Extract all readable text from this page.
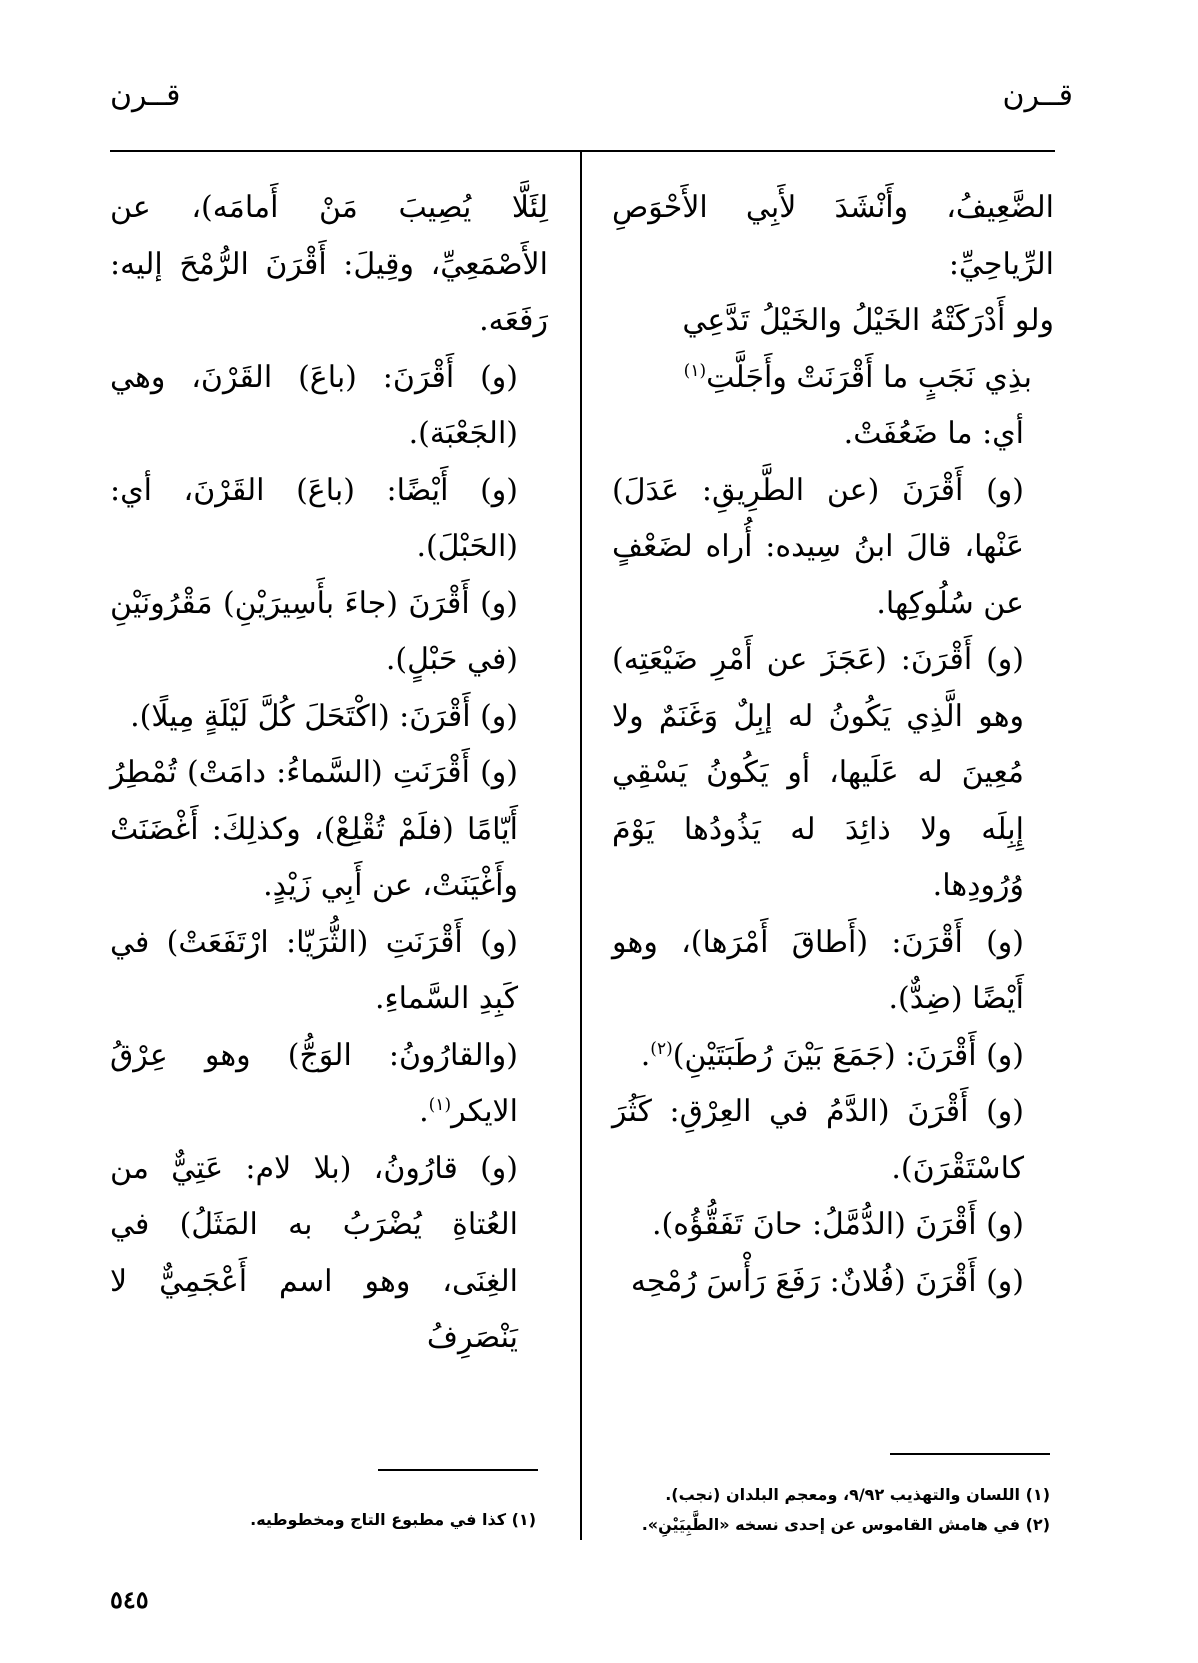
قــرن
قــرن

الضَّعِيفُ، وأَنْشَدَ لأَبِي الأَحْوَصِ الرِّياحِيِّ:

ولو أَدْرَكَتْهُ الخَيْلُ والخَيْلُ تَدَّعِي

بذِي نَجَبٍ ما أَقْرَنَتْ وأَجَلَّتِ$^{(١)}$

أي: ما ضَعُفَتْ.

(و) أَقْرَنَ (عن الطَّرِيقِ: عَدَلَ) عَنْها، قالَ ابنُ سِيده: أُراه لضَعْفٍ عن سُلُوكِها.

(و) أَقْرَنَ: (عَجَزَ عن أَمْرِ ضَيْعَتِه) وهو الَّذِي يَكُونُ له إبِلٌ وَغَنَمٌ ولا مُعِينَ له عَلَيها، أو يَكُونُ يَسْقِي إِبِلَه ولا ذائِدَ له يَذُودُها يَوْمَ وُرُودِها.

(و) أَقْرَنَ: (أَطاقَ أَمْرَها)، وهو أَيْضًا (ضِدٌّ).

(و) أَقْرَنَ: (جَمَعَ بَيْنَ رُطَبَتَيْنِ)$^{(٢)}$.

(و) أَقْرَنَ (الدَّمُ في العِرْقِ: كَثُرَ كاسْتَقْرَنَ).

(و) أَقْرَنَ (الدُّمَّلُ: حانَ تَفَقُّؤُه).

(و) أَقْرَنَ (فُلانٌ: رَفَعَ رَأْسَ رُمْحِه

لِئَلَّا يُصِيبَ مَنْ أَمامَه)، عن الأَصْمَعِيِّ، وقِيلَ: أَقْرَنَ الرُّمْحَ إليه: رَفَعَه.

(و) أَقْرَنَ: (باعَ) القَرْنَ، وهي (الجَعْبَة).

(و) أَيْضًا: (باعَ) القَرْنَ، أي: (الحَبْلَ).

(و) أَقْرَنَ (جاءَ بأَسِيرَيْنِ) مَقْرُونَيْنِ (في حَبْلٍ).

(و) أَقْرَنَ: (اكْتَحَلَ كُلَّ لَيْلَةٍ مِيلًا).

(و) أَقْرَنَتِ (السَّماءُ: دامَتْ) تُمْطِرُ أَيّامًا (فلَمْ تُقْلِعْ)، وكذلِكَ: أَغْضَنَتْ وأَغْيَنَتْ، عن أَبِي زَيْدٍ.

(و) أَقْرَنَتِ (الثُّرَيّا: ارْتَفَعَتْ) في كَبِدِ السَّماءِ.

(والقارُونُ: الوَجُّ) وهو عِرْقُ الايكر$^{(١)}$.

(و) قارُونُ، (بلا لام: عَتِيٌّ من العُتاةِ يُضْرَبُ به المَثَلُ) في الغِنَى، وهو اسم أَعْجَمِيٌّ لا يَنْصَرِفُ

(١) اللسان والتهذيب ٩/٩٢، ومعجم البلدان (نجب).

(٢) في هامش القاموس عن إحدى نسخه «الطَّبِيَيْنِ».

(١) كذا في مطبوع التاج ومخطوطيه.

٥٤٥
